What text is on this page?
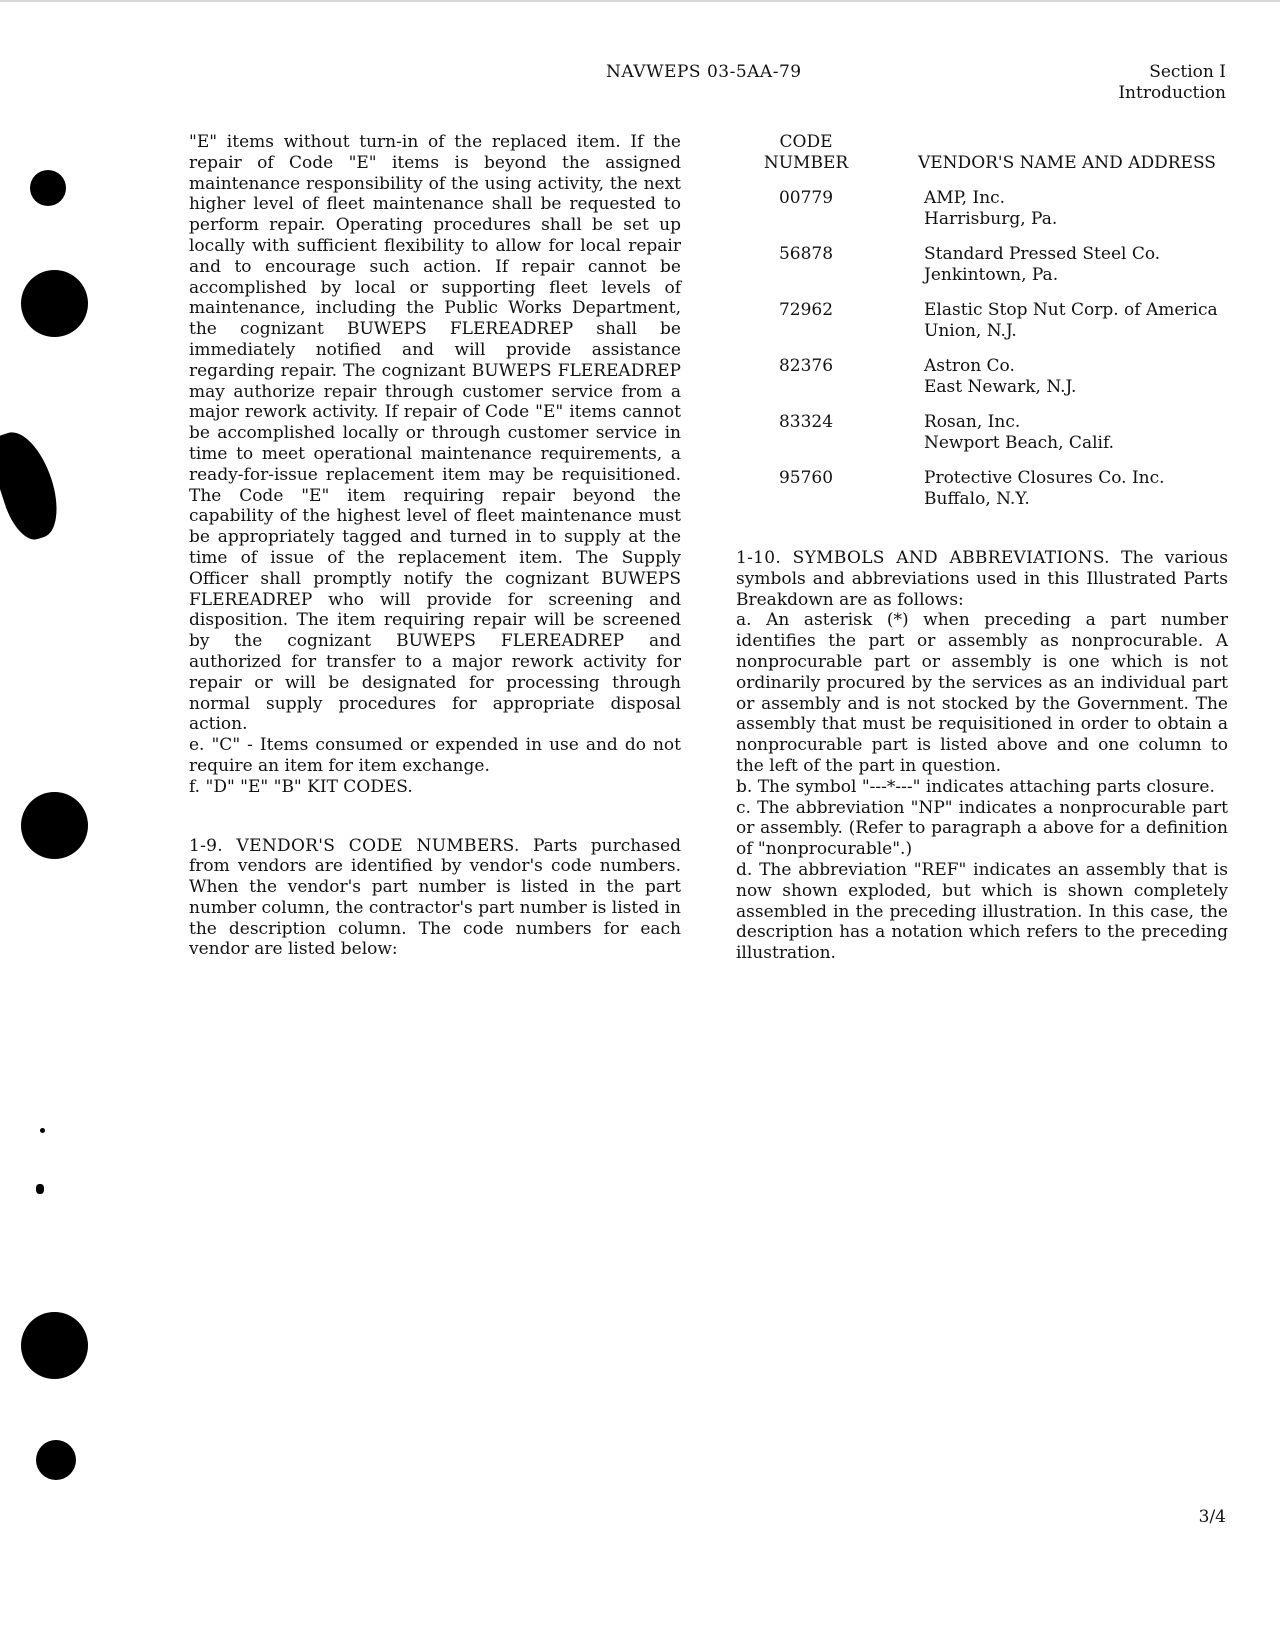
NAVWEPS 03-5AA-79	Section I
Introduction

"E" items without turn-in of the replaced item. If the repair of Code "E" items is beyond the assigned maintenance responsibility of the using activity, the next higher level of fleet maintenance shall be requested to perform repair. Operating procedures shall be set up locally with sufficient flexibility to allow for local repair and to encourage such action. If repair cannot be accomplished by local or supporting fleet levels of maintenance, including the Public Works Department, the cognizant BUWEPS FLEREADREP shall be immediately notified and will provide assistance regarding repair. The cognizant BUWEPS FLEREADREP may authorize repair through customer service from a major rework activity. If repair of Code "E" items cannot be accomplished locally or through customer service in time to meet operational maintenance requirements, a ready-for-issue replacement item may be requisitioned. The Code "E" item requiring repair beyond the capability of the highest level of fleet maintenance must be appropriately tagged and turned in to supply at the time of issue of the replacement item. The Supply Officer shall promptly notify the cognizant BUWEPS FLEREADREP who will provide for screening and disposition. The item requiring repair will be screened by the cognizant BUWEPS FLEREADREP and authorized for transfer to a major rework activity for repair or will be designated for processing through normal supply procedures for appropriate disposal action.

e. "C" - Items consumed or expended in use and do not require an item for item exchange.

f. "D" "E" "B" KIT CODES.

1-9. VENDOR'S CODE NUMBERS. Parts purchased from vendors are identified by vendor's code numbers. When the vendor's part number is listed in the part number column, the contractor's part number is listed in the description column. The code numbers for each vendor are listed below:

CODE
NUMBER	VENDOR'S NAME AND ADDRESS
00779	AMP, Inc.
Harrisburg, Pa.

56878	Standard Pressed Steel Co.
Jenkintown, Pa.

72962	Elastic Stop Nut Corp. of America
Union, N.J.

82376	Astron Co.
East Newark, N.J.

83324	Rosan, Inc.
Newport Beach, Calif.

95760	Protective Closures Co. Inc.
Buffalo, N.Y.

1-10. SYMBOLS AND ABBREVIATIONS. The various symbols and abbreviations used in this Illustrated Parts Breakdown are as follows:

a. An asterisk (*) when preceding a part number identifies the part or assembly as nonprocurable. A nonprocurable part or assembly is one which is not ordinarily procured by the services as an individual part or assembly and is not stocked by the Government. The assembly that must be requisitioned in order to obtain a nonprocurable part is listed above and one column to the left of the part in question.

b. The symbol "---*---" indicates attaching parts closure.

c. The abbreviation "NP" indicates a nonprocurable part or assembly. (Refer to paragraph a above for a definition of "nonprocurable".)

d. The abbreviation "REF" indicates an assembly that is now shown exploded, but which is shown completely assembled in the preceding illustration. In this case, the description has a notation which refers to the preceding illustration.

3/4
